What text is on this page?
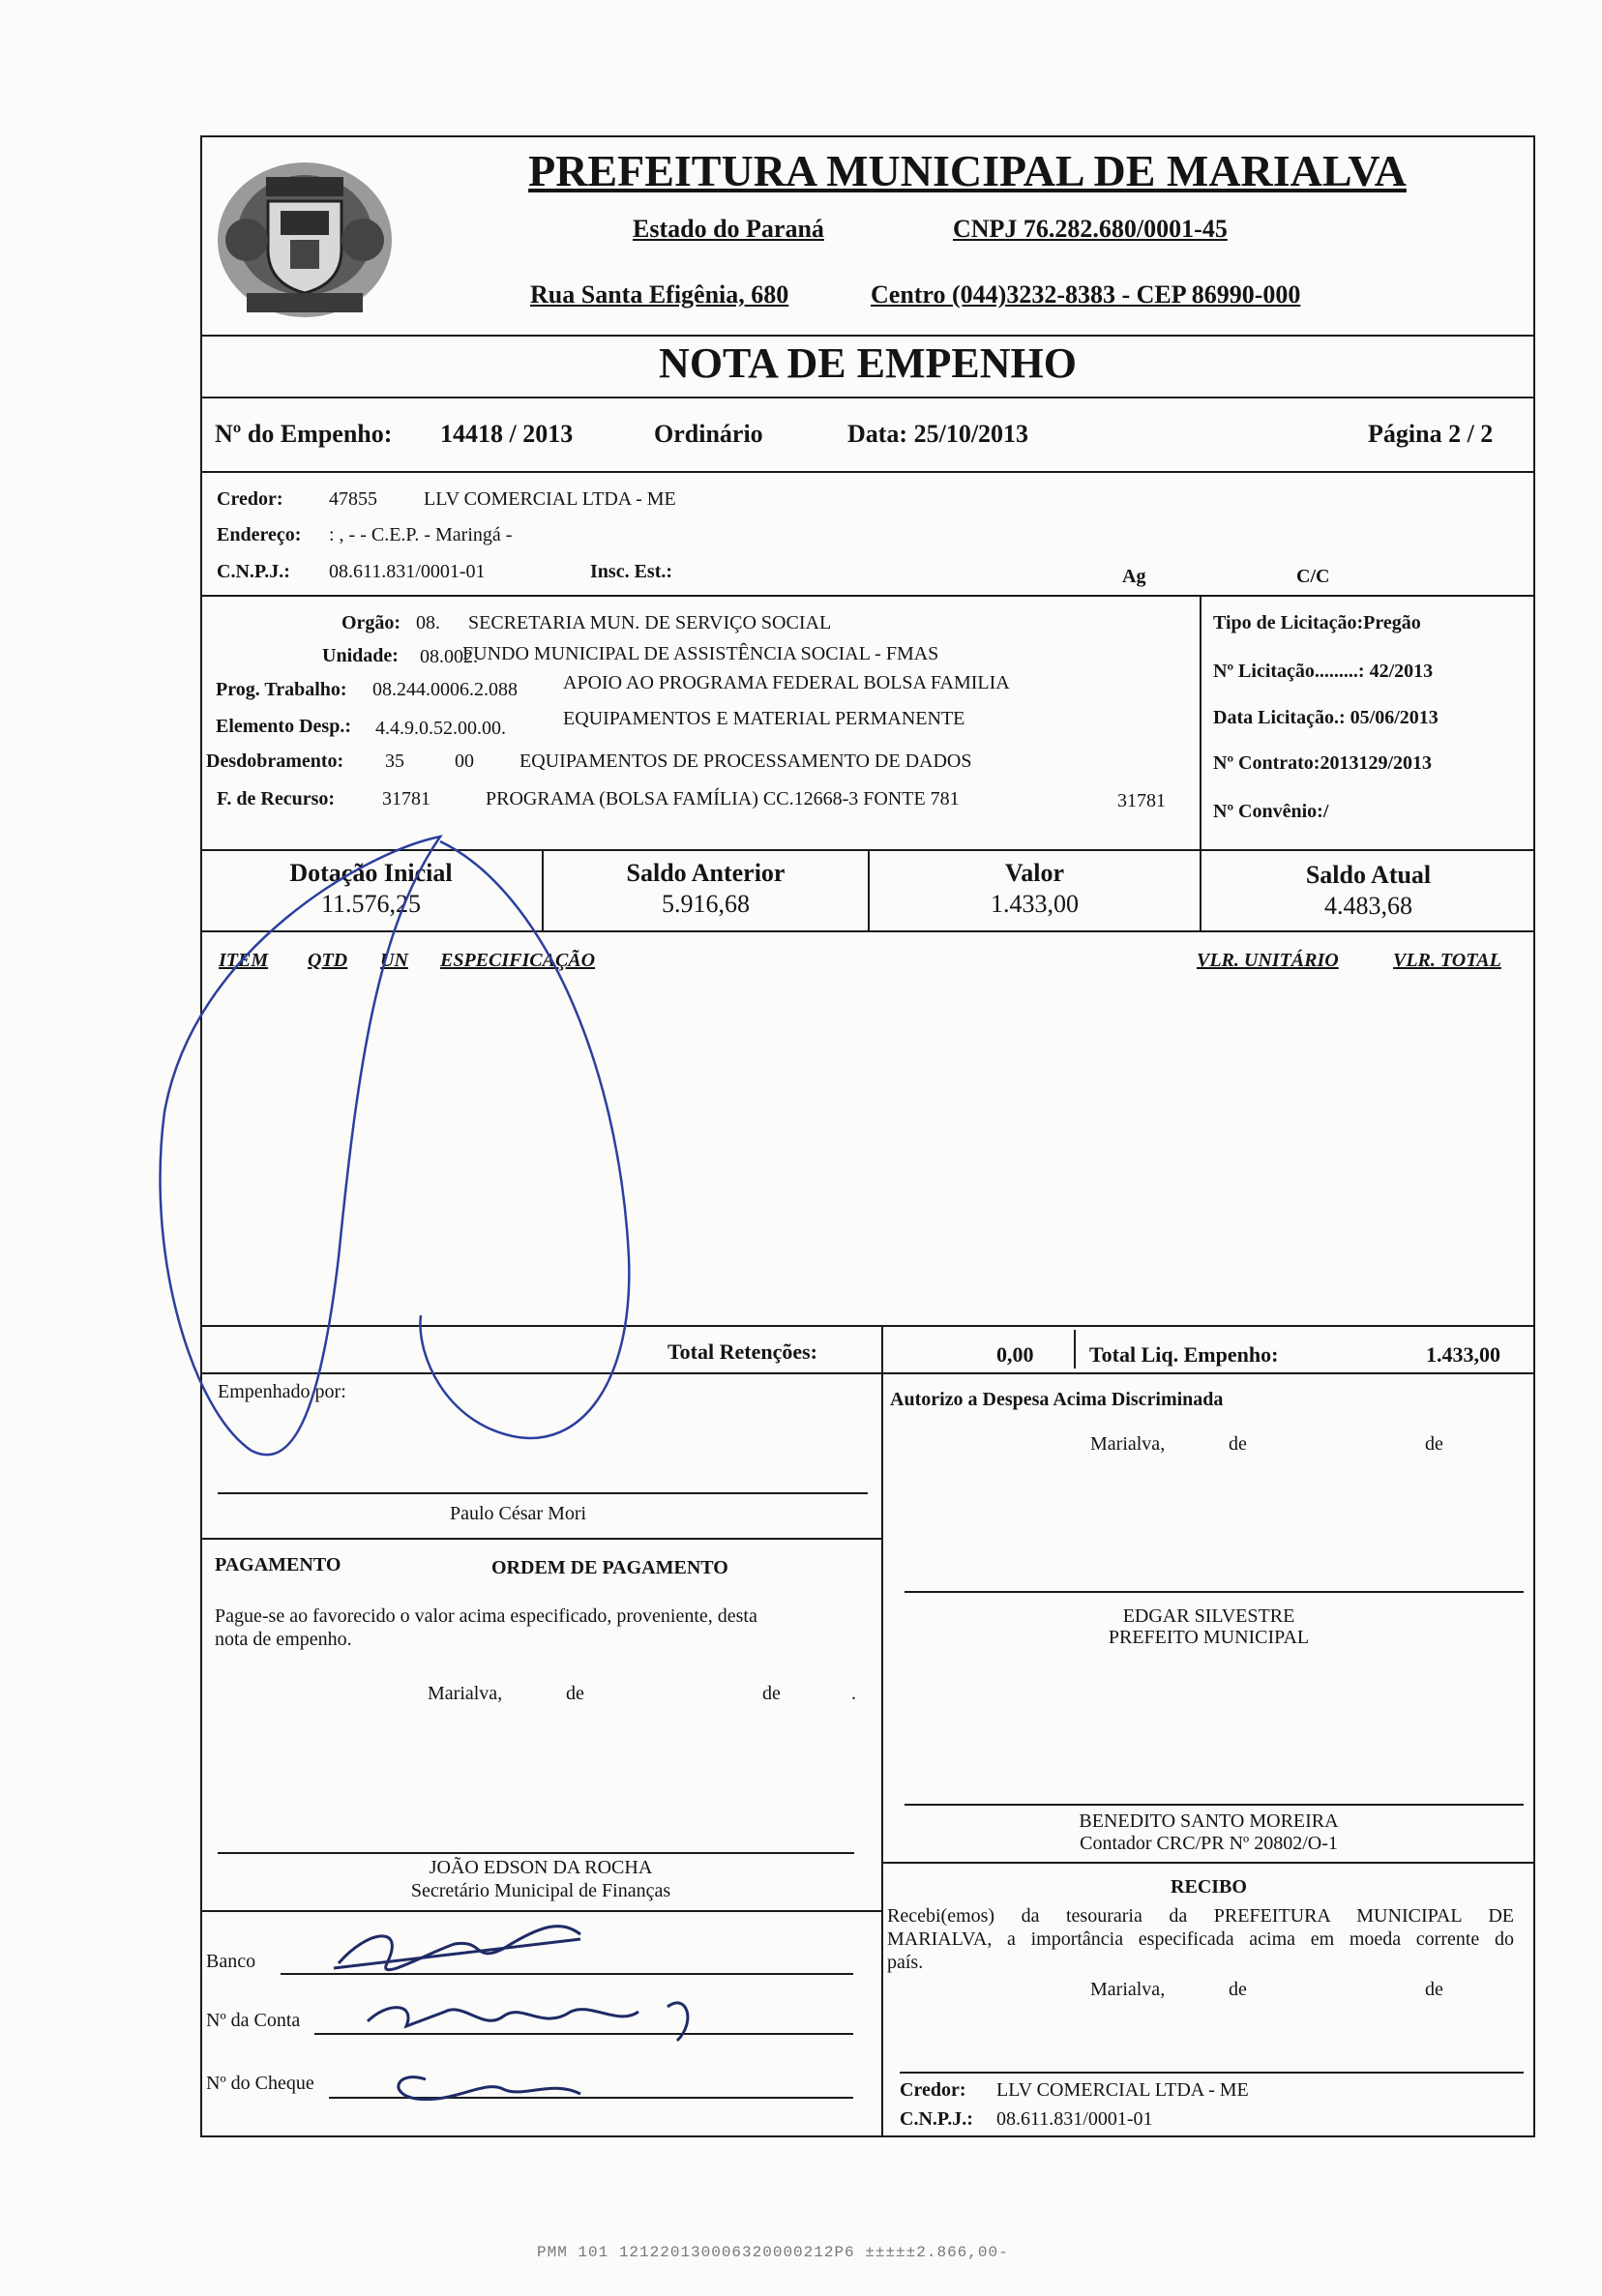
PREFEITURA MUNICIPAL DE MARIALVA
Estado do Paraná	CNPJ 76.282.680/0001-45
Rua Santa Efigênia, 680	Centro (044)3232-8383 - CEP 86990-000
NOTA DE EMPENHO
Nº do Empenho: 14418 / 2013	Ordinário	Data: 25/10/2013	Página 2 / 2
Credor: 47855 LLV COMERCIAL LTDA - ME
Endereço: : , - - C.E.P. - Maringá -
C.N.P.J.: 08.611.831/0001-01	Insc. Est.:	Ag	C/C
Orgão: 08. SECRETARIA MUN. DE SERVIÇO SOCIAL
Unidade: 08.002.
FUNDO MUNICIPAL DE ASSISTÊNCIA SOCIAL - FMAS
Prog. Trabalho: 08.244.0006.2.088 APOIO AO PROGRAMA FEDERAL BOLSA FAMILIA
Elemento Desp.: 4.4.9.0.52.00.00.	EQUIPAMENTOS E MATERIAL PERMANENTE
Desdobramento: 35	00 EQUIPAMENTOS DE PROCESSAMENTO DE DADOS
F. de Recurso: 31781	PROGRAMA (BOLSA FAMÍLIA) CC.12668-3 FONTE 781	31781
Tipo de Licitação:Pregão
Nº Licitação.........: 42/2013
Data Licitação.: 05/06/2013
Nº Contrato:2013129/2013
Nº Convênio:/
Dotação Inicial
11.576,25
Saldo Anterior
5.916,68
Valor
1.433,00
Saldo Atual
4.483,68
ITEM QTD UN ESPECIFICAÇÃO	VLR. UNITÁRIO	VLR. TOTAL
Total Retenções:	0,00	Total Liq. Empenho:	1.433,00
Empenhado por:
Paulo César Mori
Autorizo a Despesa Acima Discriminada
Marialva,	de	de
PAGAMENTO	ORDEM DE PAGAMENTO
Pague-se ao favorecido o valor acima especificado, proveniente, desta
nota de empenho.
Marialva,	de	de	.
EDGAR SILVESTRE
PREFEITO MUNICIPAL
BENEDITO SANTO MOREIRA
Contador CRC/PR Nº 20802/O-1
JOÃO EDSON DA ROCHA
Secretário Municipal de Finanças	RECIBO
Recebi(emos) da tesouraria da PREFEITURA MUNICIPAL DE
MARIALVA, a importância especificada acima em moeda corrente do
país.
Marialva,	de	de
Credor: LLV COMERCIAL LTDA - ME
C.N.P.J.: 08.611.831/0001-01
Banco
Nº da Conta
Nº do Cheque
PMM 101 121220130006320000212P6 ±±±±±2.866,00-
